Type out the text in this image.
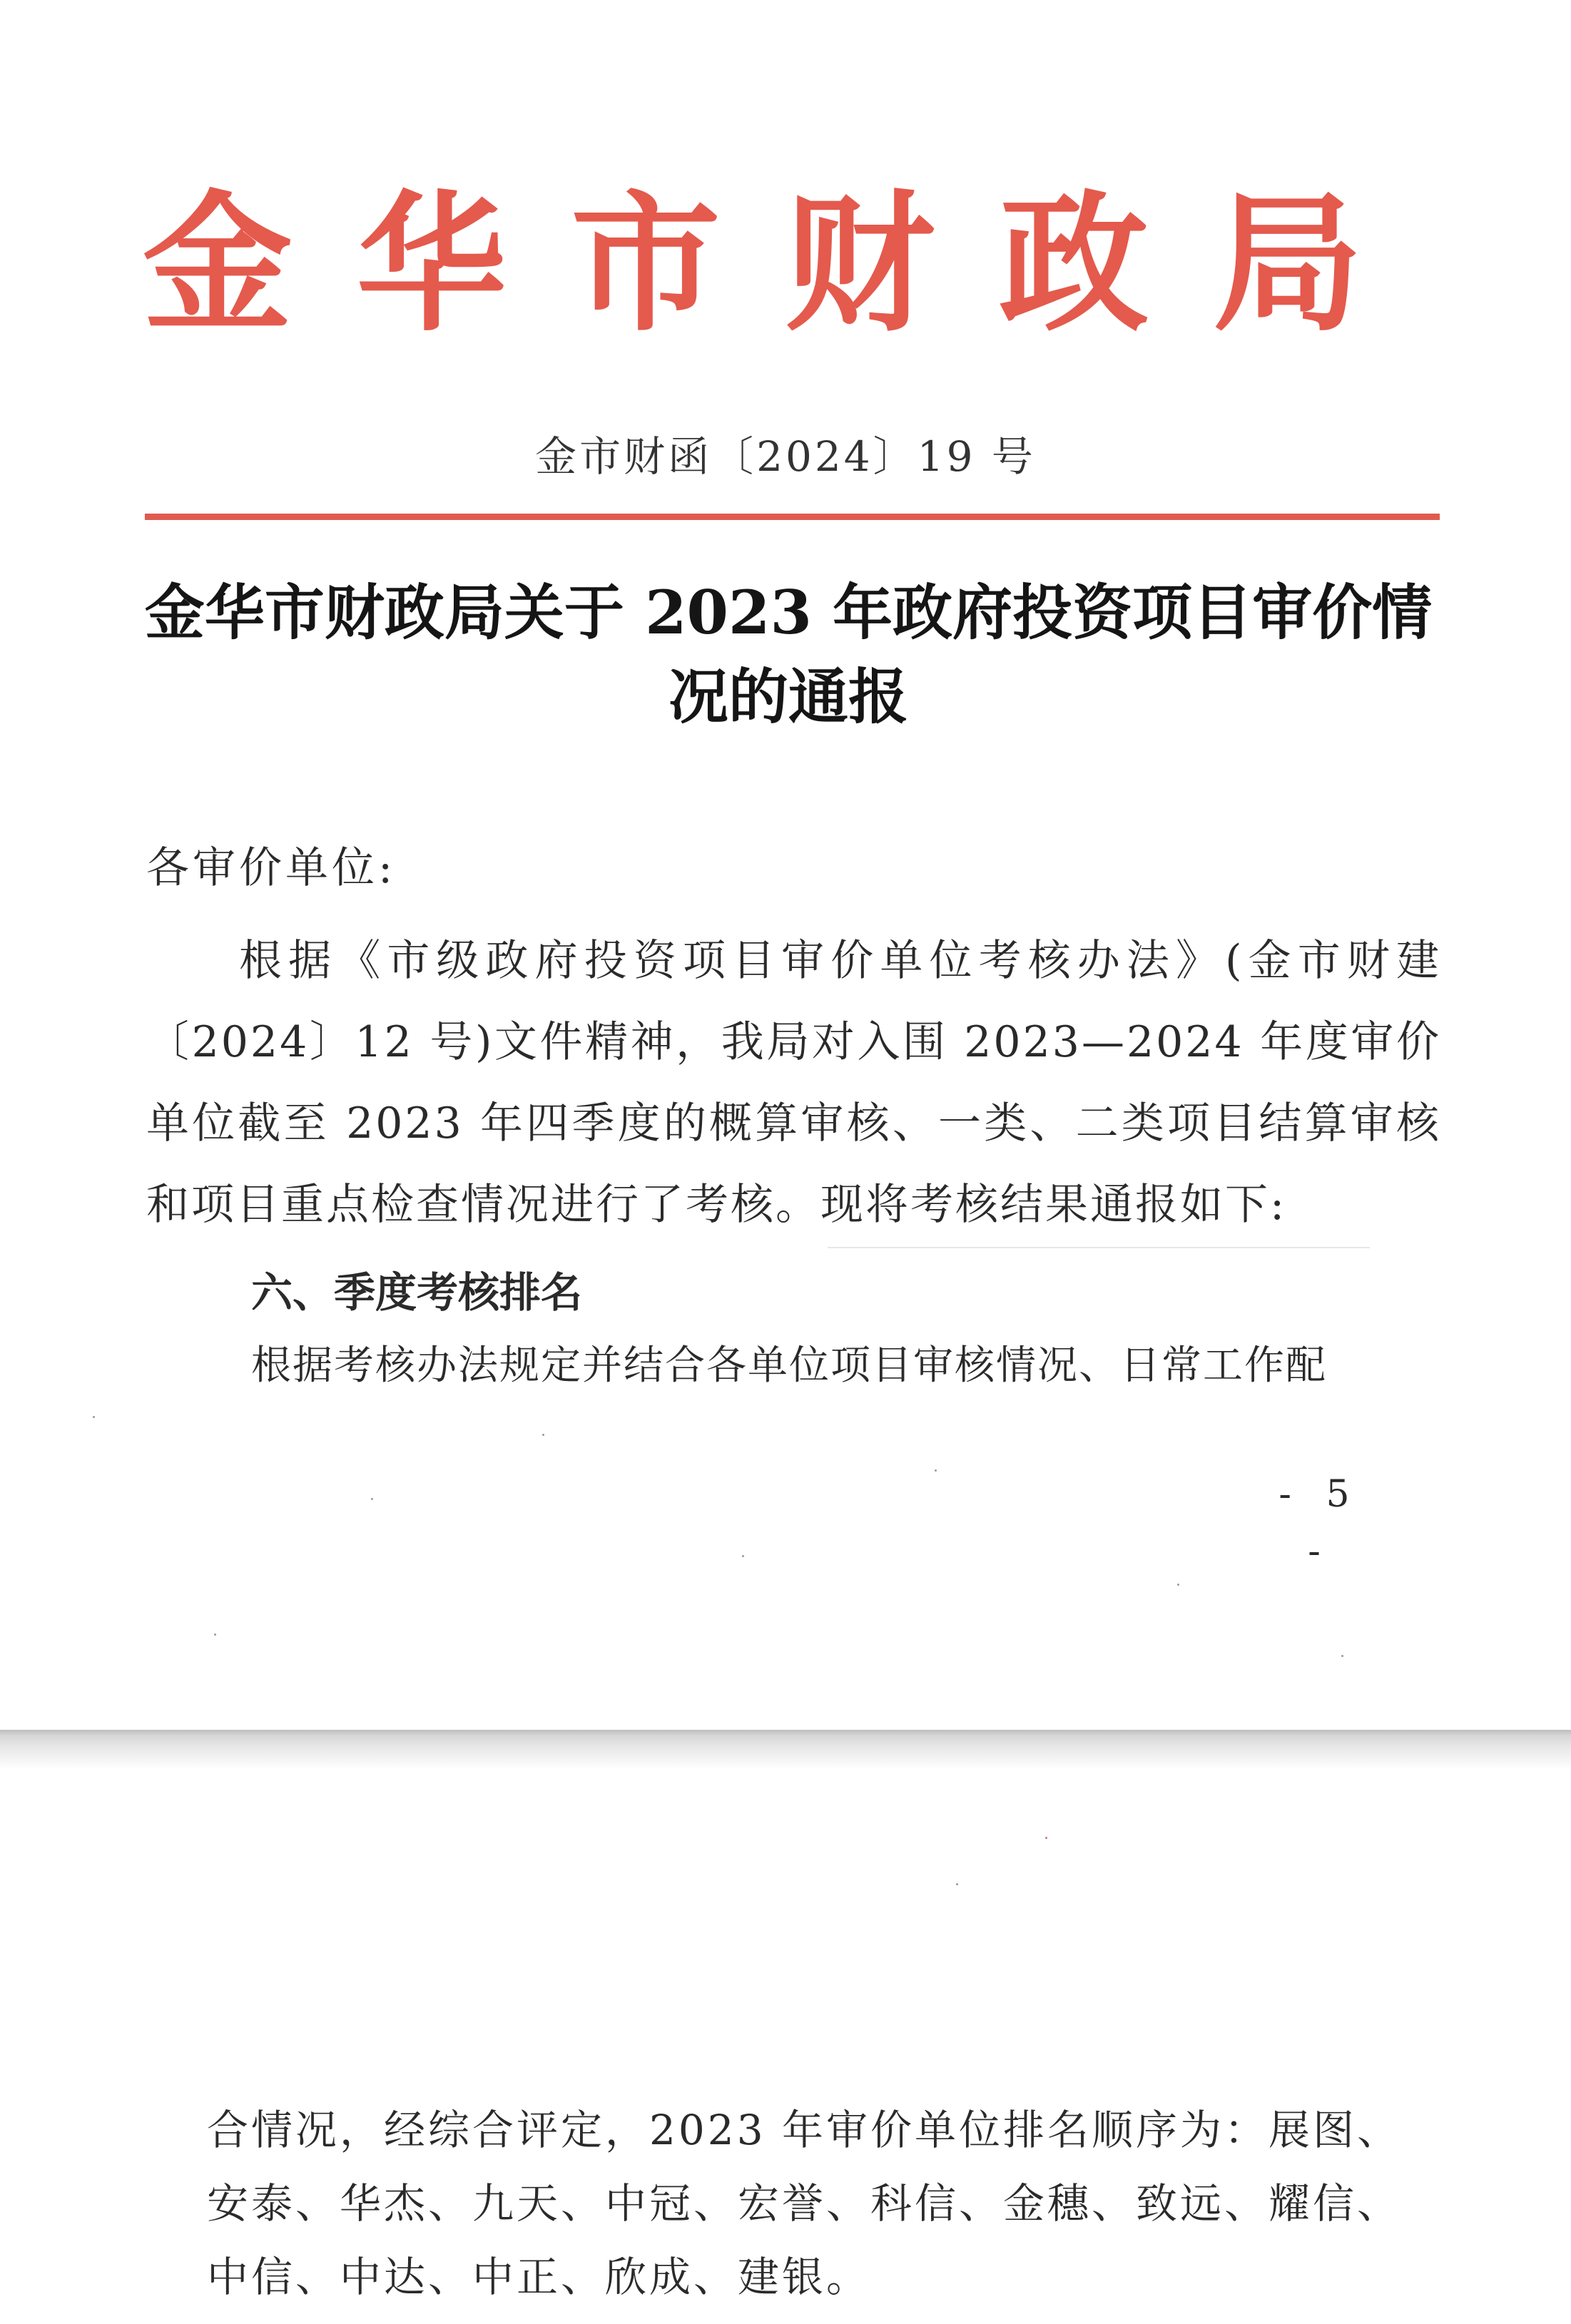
金华市财政局
金市财函〔2024〕19 号
金华市财政局关于 2023 年政府投资项目审价情况的通报
各审价单位:
根据《市级政府投资项目审价单位考核办法》(金市财建〔2024〕12 号)文件精神，我局对入围 2023—2024 年度审价单位截至 2023 年四季度的概算审核、一类、二类项目结算审核和项目重点检查情况进行了考核。现将考核结果通报如下:
六、季度考核排名
根据考核办法规定并结合各单位项目审核情况、日常工作配
- 5 -
合情况，经综合评定，2023 年审价单位排名顺序为：展图、安泰、华杰、九天、中冠、宏誉、科信、金穗、致远、耀信、中信、中达、中正、欣成、建银。
